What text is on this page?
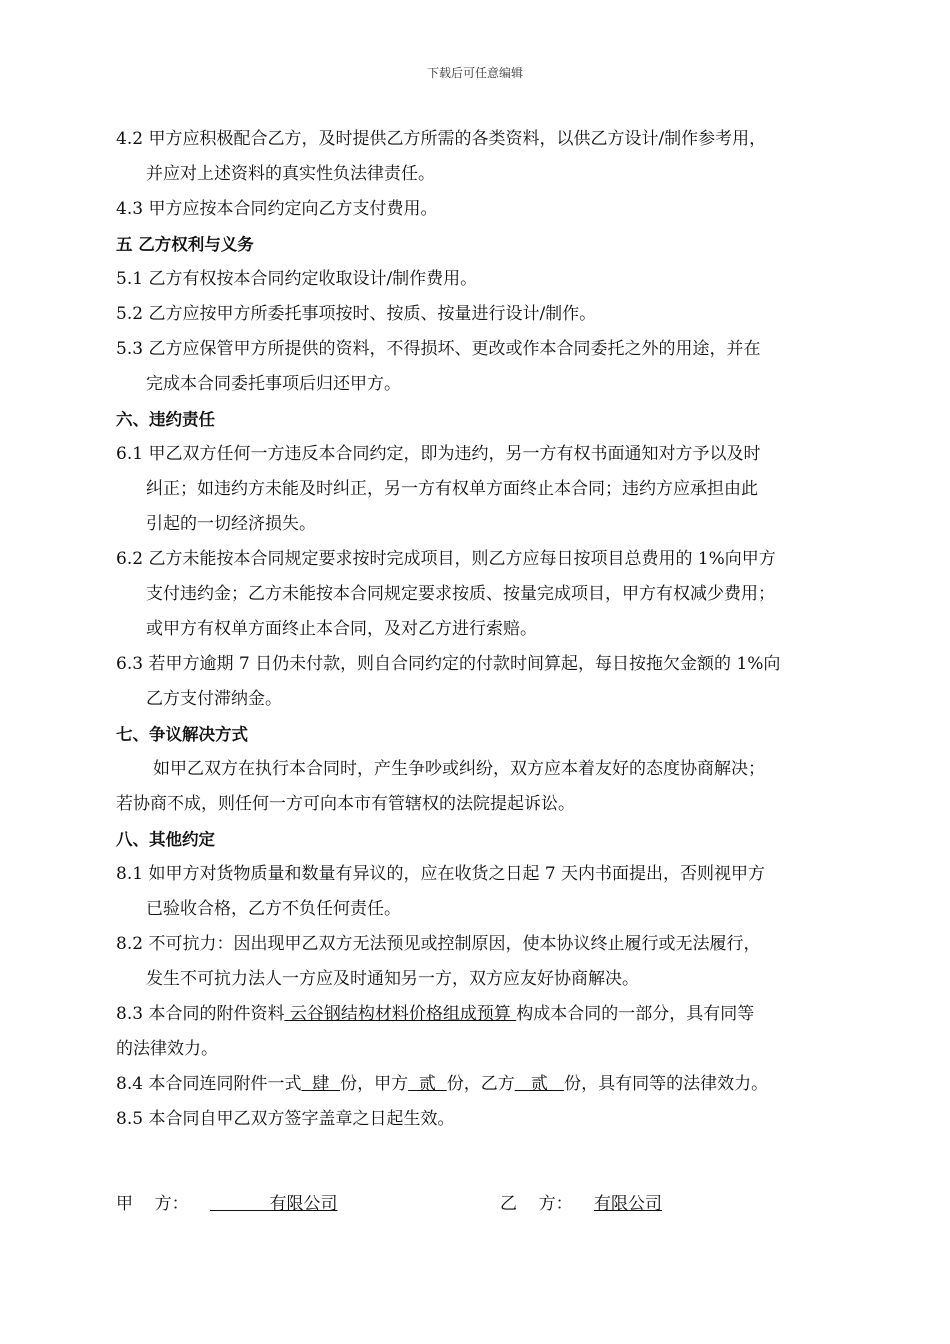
下载后可任意编辑
4.2 甲方应积极配合乙方，及时提供乙方所需的各类资料，以供乙方设计/制作参考用，
并应对上述资料的真实性负法律责任。
4.3 甲方应按本合同约定向乙方支付费用。
五 乙方权利与义务
5.1 乙方有权按本合同约定收取设计/制作费用。
5.2 乙方应按甲方所委托事项按时、按质、按量进行设计/制作。
5.3 乙方应保管甲方所提供的资料，不得损坏、更改或作本合同委托之外的用途，并在
完成本合同委托事项后归还甲方。
六、违约责任
6.1 甲乙双方任何一方违反本合同约定，即为违约，另一方有权书面通知对方予以及时
纠正；如违约方未能及时纠正，另一方有权单方面终止本合同；违约方应承担由此
引起的一切经济损失。
6.2 乙方未能按本合同规定要求按时完成项目，则乙方应每日按项目总费用的 1%向甲方
支付违约金；乙方未能按本合同规定要求按质、按量完成项目，甲方有权减少费用；
或甲方有权单方面终止本合同，及对乙方进行索赔。
6.3 若甲方逾期 7 日仍未付款，则自合同约定的付款时间算起，每日按拖欠金额的 1%向
乙方支付滞纳金。
七、争议解决方式
如甲乙双方在执行本合同时，产生争吵或纠纷，双方应本着友好的态度协商解决；
若协商不成，则任何一方可向本市有管辖权的法院提起诉讼。
八、其他约定
8.1 如甲方对货物质量和数量有异议的，应在收货之日起 7 天内书面提出，否则视甲方
已验收合格，乙方不负任何责任。
8.2 不可抗力：因出现甲乙双方无法预见或控制原因，使本协议终止履行或无法履行，
发生不可抗力法人一方应及时通知另一方，双方应友好协商解决。
8.3 本合同的附件资料 云谷钢结构材料价格组成预算 构成本合同的一部分，具有同等
的法律效力。
8.4 本合同连同附件一式  肆  份，甲方  贰  份，乙方   贰   份，具有同等的法律效力。
8.5 本合同自甲乙双方签字盖章之日起生效。
甲    方： 有限公司	乙    方： 有限公司
